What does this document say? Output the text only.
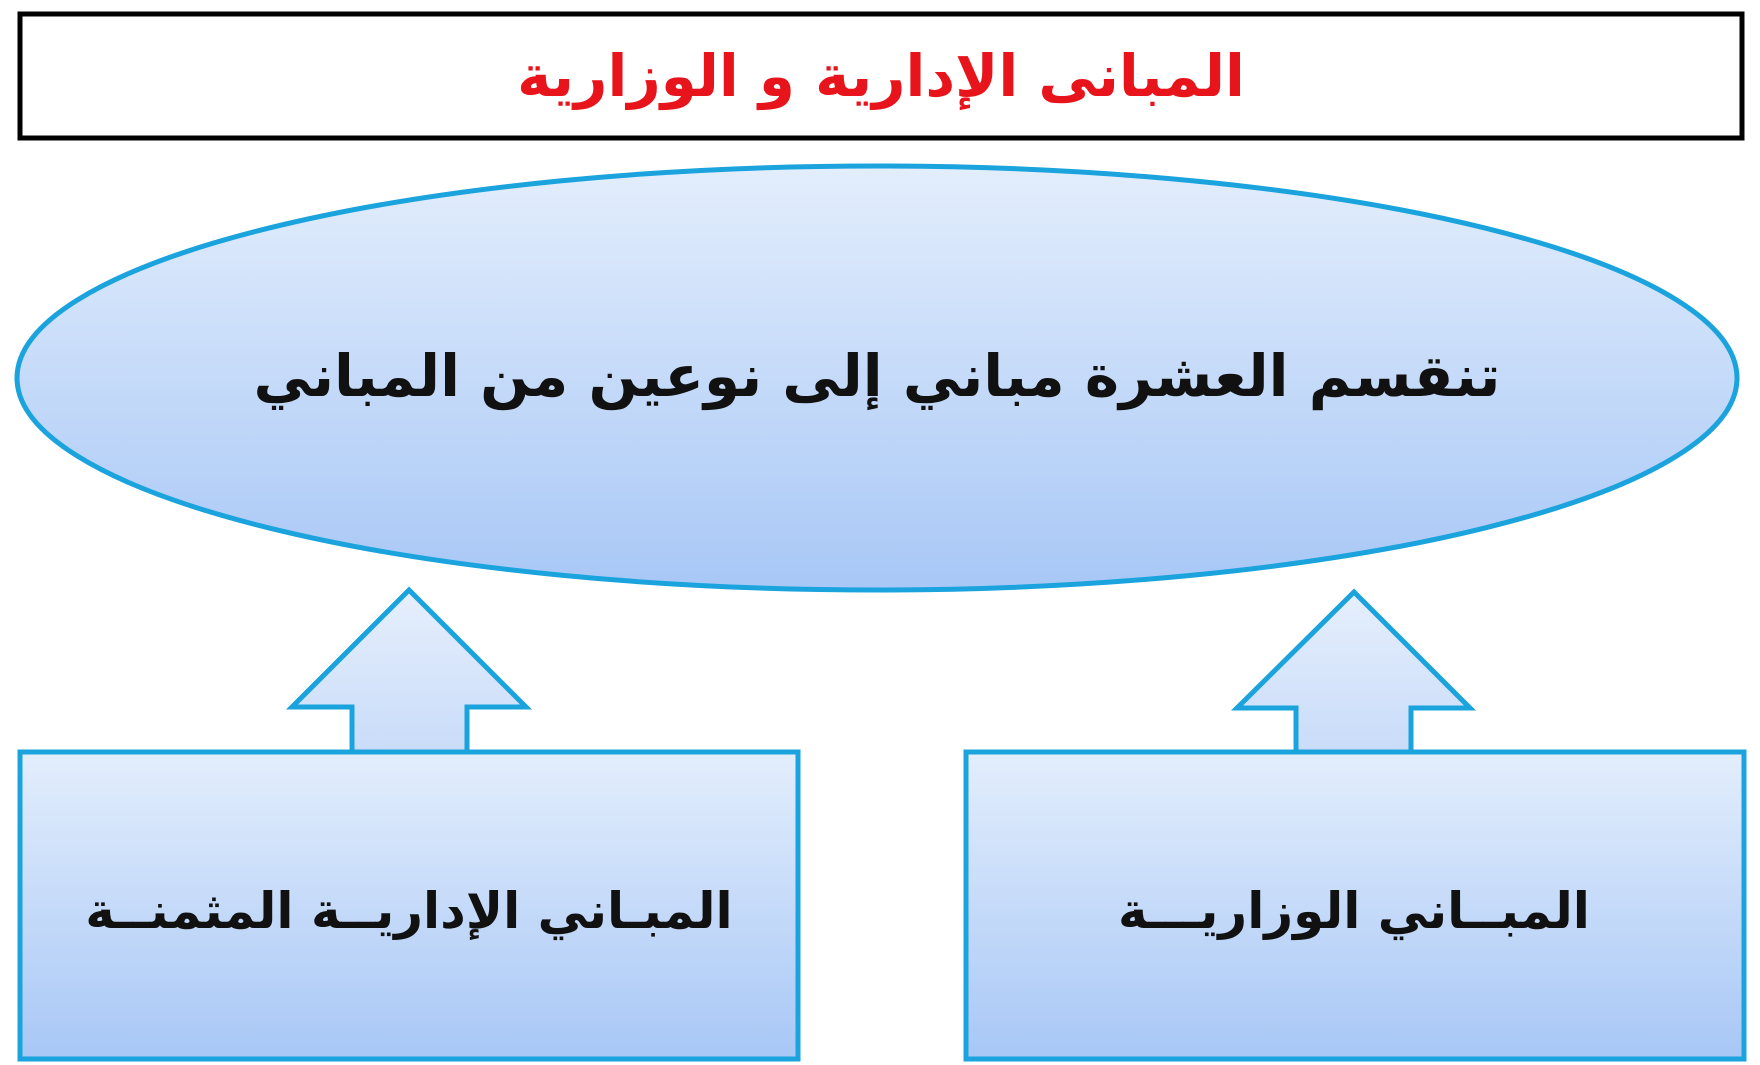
المبانى الإدارية و الوزارية
تنقسم العشرة مباني إلى نوعين من المباني
المبـاني الإداريــة المثمنــة	المبــاني الوزاريـــة
